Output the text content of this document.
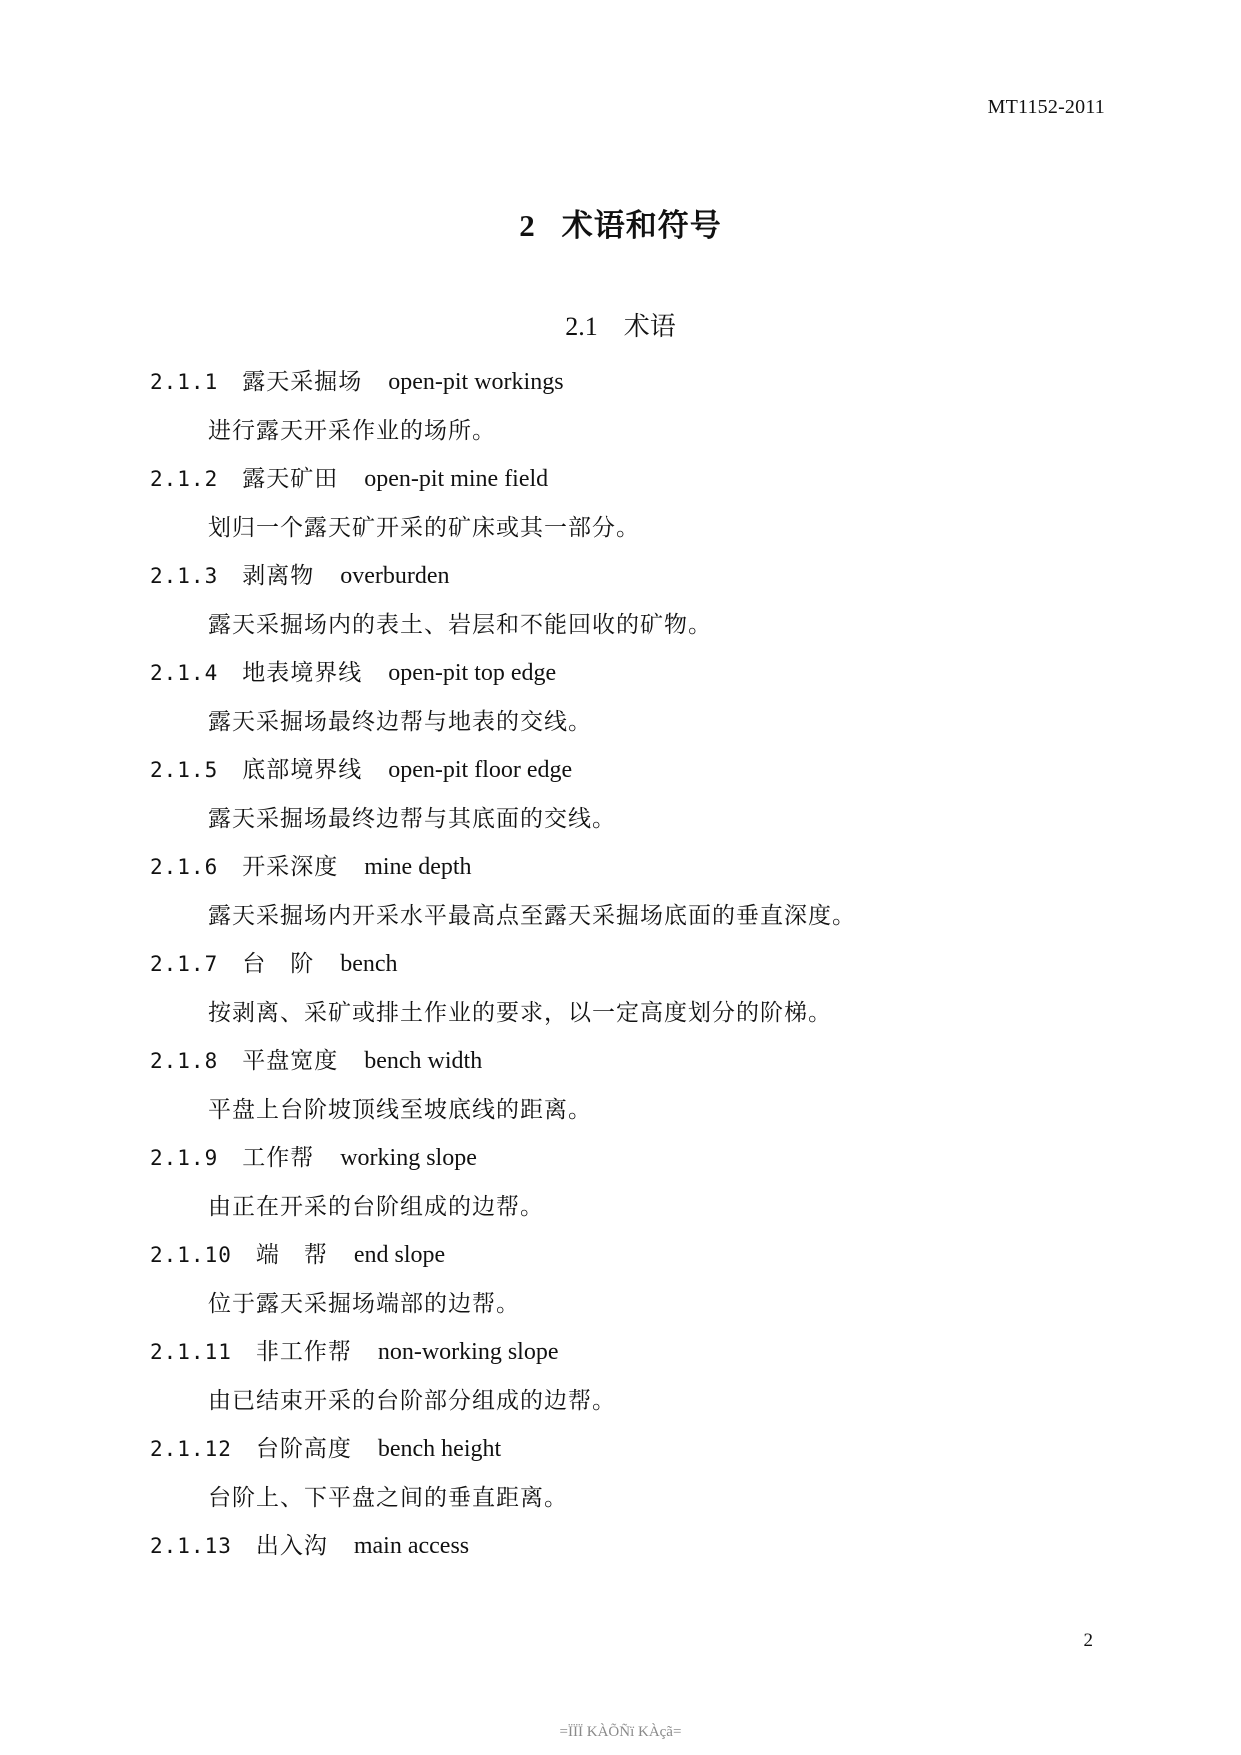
MT1152-2011
2 术语和符号
2.1 术语
2.1.1 露天采掘场 open-pit workings
进行露天开采作业的场所。
2.1.2 露天矿田 open-pit mine field
划归一个露天矿开采的矿床或其一部分。
2.1.3 剥离物 overburden
露天采掘场内的表土、岩层和不能回收的矿物。
2.1.4 地表境界线 open-pit top edge
露天采掘场最终边帮与地表的交线。
2.1.5 底部境界线 open-pit floor edge
露天采掘场最终边帮与其底面的交线。
2.1.6 开采深度 mine depth
露天采掘场内开采水平最高点至露天采掘场底面的垂直深度。
2.1.7 台　阶 bench
按剥离、采矿或排土作业的要求，以一定高度划分的阶梯。
2.1.8 平盘宽度 bench width
平盘上台阶坡顶线至坡底线的距离。
2.1.9 工作帮 working slope
由正在开采的台阶组成的边帮。
2.1.10 端　帮 end slope
位于露天采掘场端部的边帮。
2.1.11 非工作帮 non-working slope
由已结束开采的台阶部分组成的边帮。
2.1.12 台阶高度 bench height
台阶上、下平盘之间的垂直距离。
2.1.13 出入沟 main access
2
=ÏÏÏ KÀÕÑï KÀçã=
